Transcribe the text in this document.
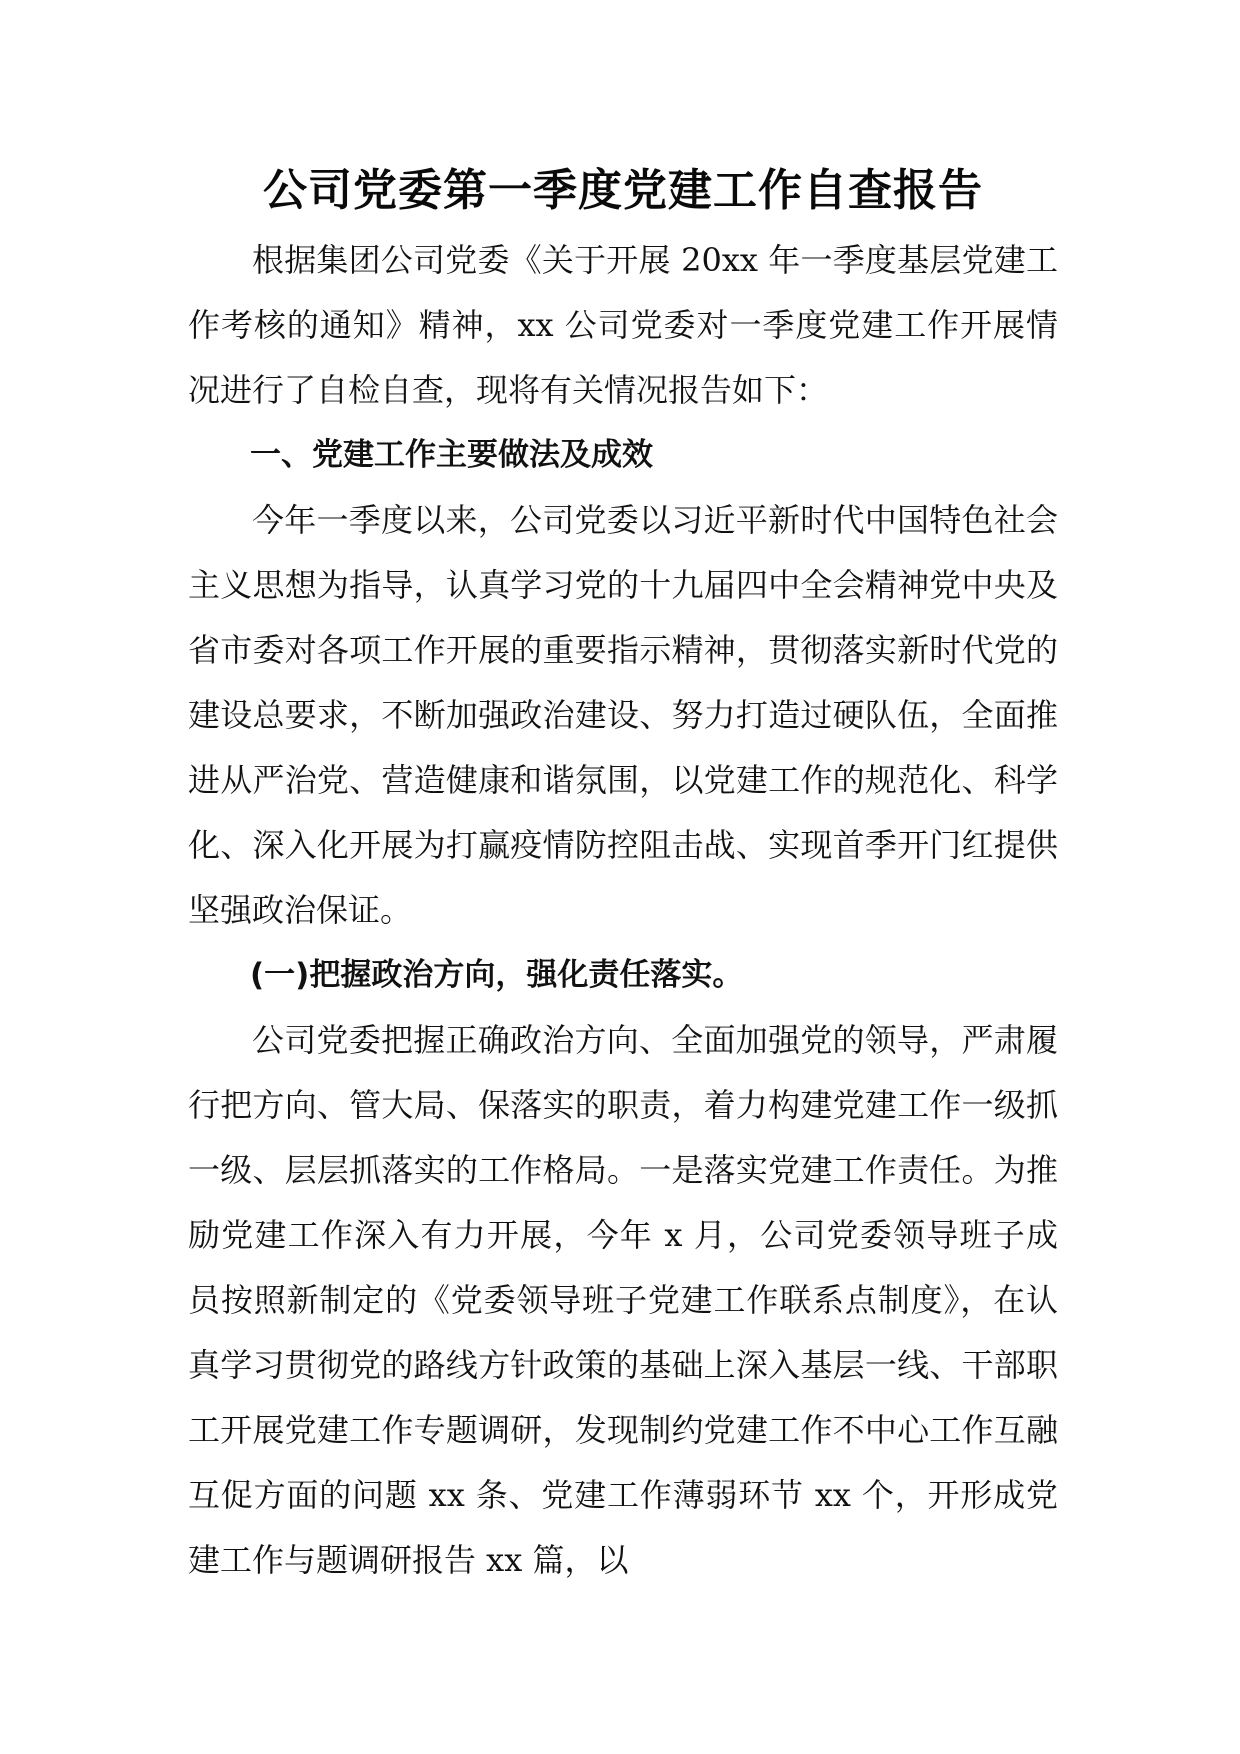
公司党委第一季度党建工作自查报告

根据集团公司党委《关于开展 20xx 年一季度基层党建工作考核的通知》精神，xx 公司党委对一季度党建工作开展情况进行了自检自查，现将有关情况报告如下：

一、党建工作主要做法及成效

今年一季度以来，公司党委以习近平新时代中国特色社会主义思想为指导，认真学习党的十九届四中全会精神党中央及省市委对各项工作开展的重要指示精神，贯彻落实新时代党的建设总要求，不断加强政治建设、努力打造过硬队伍，全面推进从严治党、营造健康和谐氛围，以党建工作的规范化、科学化、深入化开展为打赢疫情防控阻击战、实现首季开门红提供坚强政治保证。

(一)把握政治方向，强化责任落实。

公司党委把握正确政治方向、全面加强党的领导，严肃履行把方向、管大局、保落实的职责，着力构建党建工作一级抓一级、层层抓落实的工作格局。一是落实党建工作责任。为推励党建工作深入有力开展，今年 x 月，公司党委领导班子成员按照新制定的《党委领导班子党建工作联系点制度》，在认真学习贯彻党的路线方针政策的基础上深入基层一线、干部职工开展党建工作专题调研，发现制约党建工作不中心工作互融互促方面的问题 xx 条、党建工作薄弱环节 xx 个，开形成党建工作与题调研报告 xx 篇，以
